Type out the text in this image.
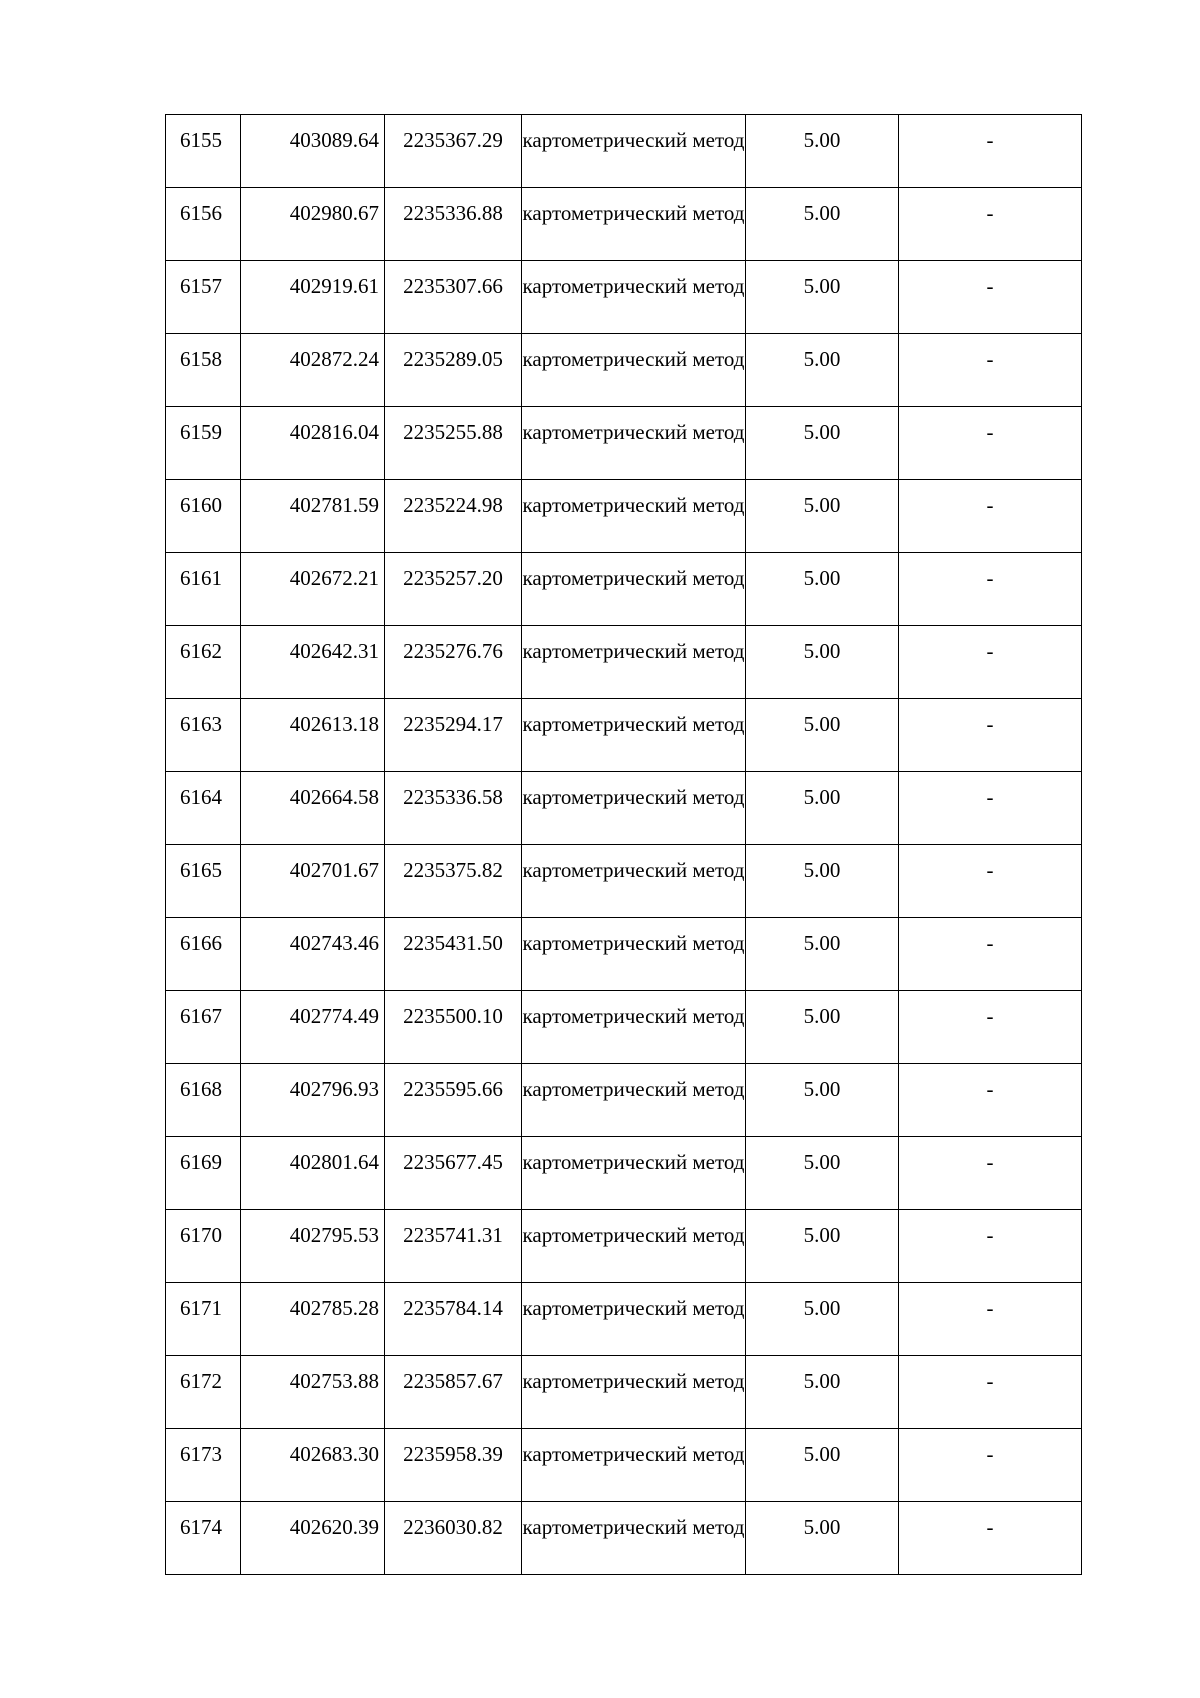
6155	403089.64	2235367.29	картометрический метод	5.00	-
6156	402980.67	2235336.88	картометрический метод	5.00	-
6157	402919.61	2235307.66	картометрический метод	5.00	-
6158	402872.24	2235289.05	картометрический метод	5.00	-
6159	402816.04	2235255.88	картометрический метод	5.00	-
6160	402781.59	2235224.98	картометрический метод	5.00	-
6161	402672.21	2235257.20	картометрический метод	5.00	-
6162	402642.31	2235276.76	картометрический метод	5.00	-
6163	402613.18	2235294.17	картометрический метод	5.00	-
6164	402664.58	2235336.58	картометрический метод	5.00	-
6165	402701.67	2235375.82	картометрический метод	5.00	-
6166	402743.46	2235431.50	картометрический метод	5.00	-
6167	402774.49	2235500.10	картометрический метод	5.00	-
6168	402796.93	2235595.66	картометрический метод	5.00	-
6169	402801.64	2235677.45	картометрический метод	5.00	-
6170	402795.53	2235741.31	картометрический метод	5.00	-
6171	402785.28	2235784.14	картометрический метод	5.00	-
6172	402753.88	2235857.67	картометрический метод	5.00	-
6173	402683.30	2235958.39	картометрический метод	5.00	-
6174	402620.39	2236030.82	картометрический метод	5.00	-
